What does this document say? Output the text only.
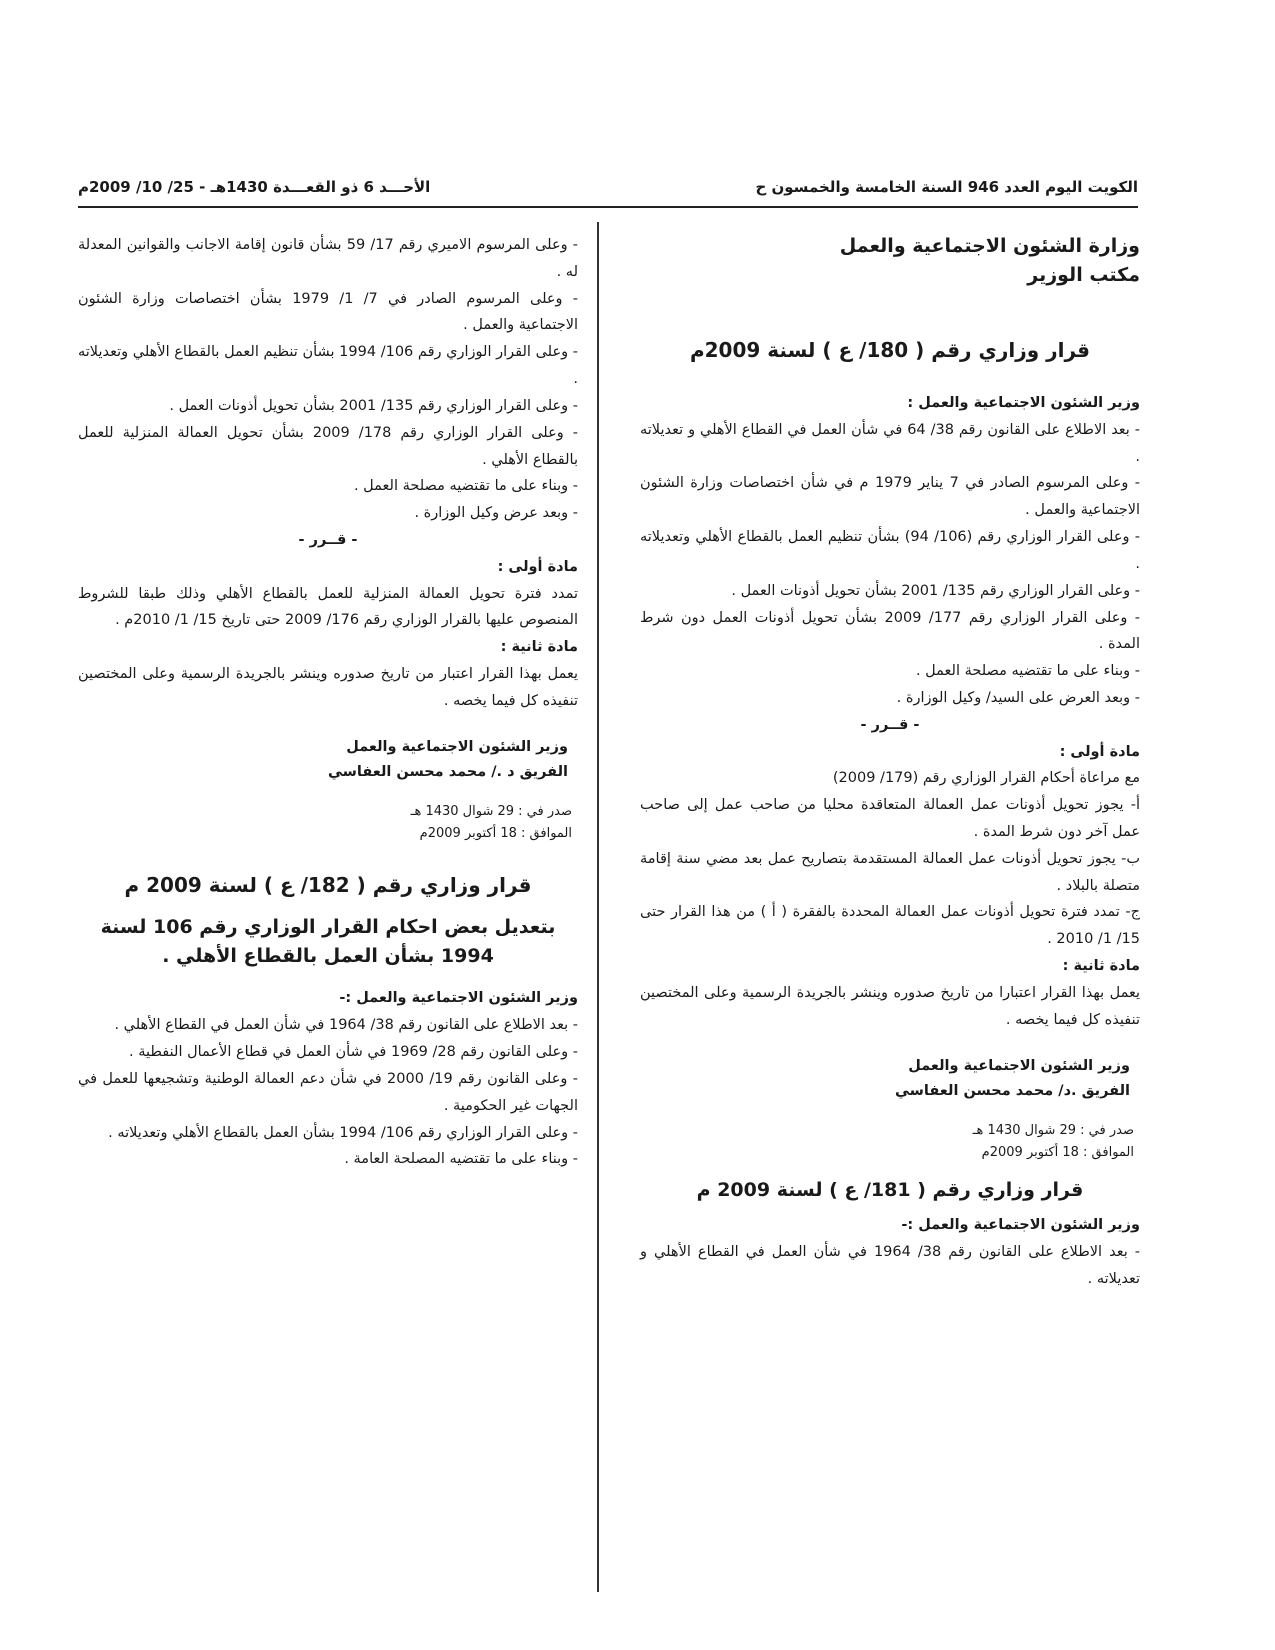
الكويت اليوم العدد 946 السنة الخامسة والخمسون ح
الأحـــد 6 ذو القعـــدة 1430هـ - 25/ 10/ 2009م

وزارة الشئون الاجتماعية والعمل

مكتب الوزير

قرار وزاري رقم ( 180/ ع ) لسنة 2009م

وزير الشئون الاجتماعية والعمل :

- بعد الاطلاع على القانون رقم 38/ 64 في شأن العمل في القطاع الأهلي و تعديلاته .

- وعلى المرسوم الصادر في 7 يناير 1979 م في شأن اختصاصات وزارة الشئون الاجتماعية والعمل .

- وعلى القرار الوزاري رقم (106/ 94) بشأن تنظيم العمل بالقطاع الأهلي وتعديلاته .

- وعلى القرار الوزاري رقم 135/ 2001 بشأن تحويل أذونات العمل .

- وعلى القرار الوزاري رقم 177/ 2009 بشأن تحويل أذونات العمل دون شرط المدة .

- وبناء على ما تقتضيه مصلحة العمل .

- وبعد العرض على السيد/ وكيل الوزارة .

- قــرر -

مادة أولى :

مع مراعاة أحكام القرار الوزاري رقم (179/ 2009)

أ- يجوز تحويل أذونات عمل العمالة المتعاقدة محليا من صاحب عمل إلى صاحب عمل آخر دون شرط المدة .

ب- يجوز تحويل أذونات عمل العمالة المستقدمة بتصاريح عمل بعد مضي سنة إقامة متصلة بالبلاد .

ج- تمدد فترة تحويل أذونات عمل العمالة المحددة بالفقرة ( أ ) من هذا القرار حتى 15/ 1/ 2010 .

مادة ثانية :

يعمل بهذا القرار اعتبارا من تاريخ صدوره وينشر بالجريدة الرسمية وعلى المختصين تنفيذه كل فيما يخصه .

وزير الشئون الاجتماعية والعمل

الفريق .د/ محمد محسن العفاسي

صدر في : 29 شوال 1430 هـ

الموافق : 18 أكتوبر 2009م

قرار وزاري رقم ( 181/ ع ) لسنة 2009 م

وزير الشئون الاجتماعية والعمل :-

- بعد الاطلاع على القانون رقم 38/ 1964 في شأن العمل في القطاع الأهلي و تعديلاته .

- وعلى المرسوم الاميري رقم 17/ 59 بشأن قانون إقامة الاجانب والقوانين المعدلة له .

- وعلى المرسوم الصادر في 7/ 1/ 1979 بشأن اختصاصات وزارة الشئون الاجتماعية والعمل .

- وعلى القرار الوزاري رقم 106/ 1994 بشأن تنظيم العمل بالقطاع الأهلي وتعديلاته .

- وعلى القرار الوزاري رقم 135/ 2001 بشأن تحويل أذونات العمل .

- وعلى القرار الوزاري رقم 178/ 2009 بشأن تحويل العمالة المنزلية للعمل بالقطاع الأهلي .

- وبناء على ما تقتضيه مصلحة العمل .

- وبعد عرض وكيل الوزارة .

- قــرر -

مادة أولى :

تمدد فترة تحويل العمالة المنزلية للعمل بالقطاع الأهلي وذلك طبقا للشروط المنصوص عليها بالقرار الوزاري رقم 176/ 2009 حتى تاريخ 15/ 1/ 2010م .

مادة ثانية :

يعمل بهذا القرار اعتبار من تاريخ صدوره وينشر بالجريدة الرسمية وعلى المختصين تنفيذه كل فيما يخصه .

وزير الشئون الاجتماعية والعمل

الفريق د ./ محمد محسن العفاسي

صدر في : 29 شوال 1430 هـ

الموافق : 18 أكتوبر 2009م

قرار وزاري رقم ( 182/ ع ) لسنة 2009 م

بتعديل بعض احكام القرار الوزاري رقم 106 لسنة 1994 بشأن العمل بالقطاع الأهلي .

وزير الشئون الاجتماعية والعمل :-

- بعد الاطلاع على القانون رقم 38/ 1964 في شأن العمل في القطاع الأهلي .

- وعلى القانون رقم 28/ 1969 في شأن العمل في قطاع الأعمال النفطية .

- وعلى القانون رقم 19/ 2000 في شأن دعم العمالة الوطنية وتشجيعها للعمل في الجهات غير الحكومية .

- وعلى القرار الوزاري رقم 106/ 1994 بشأن العمل بالقطاع الأهلي وتعديلاته .

- وبناء على ما تقتضيه المصلحة العامة .
